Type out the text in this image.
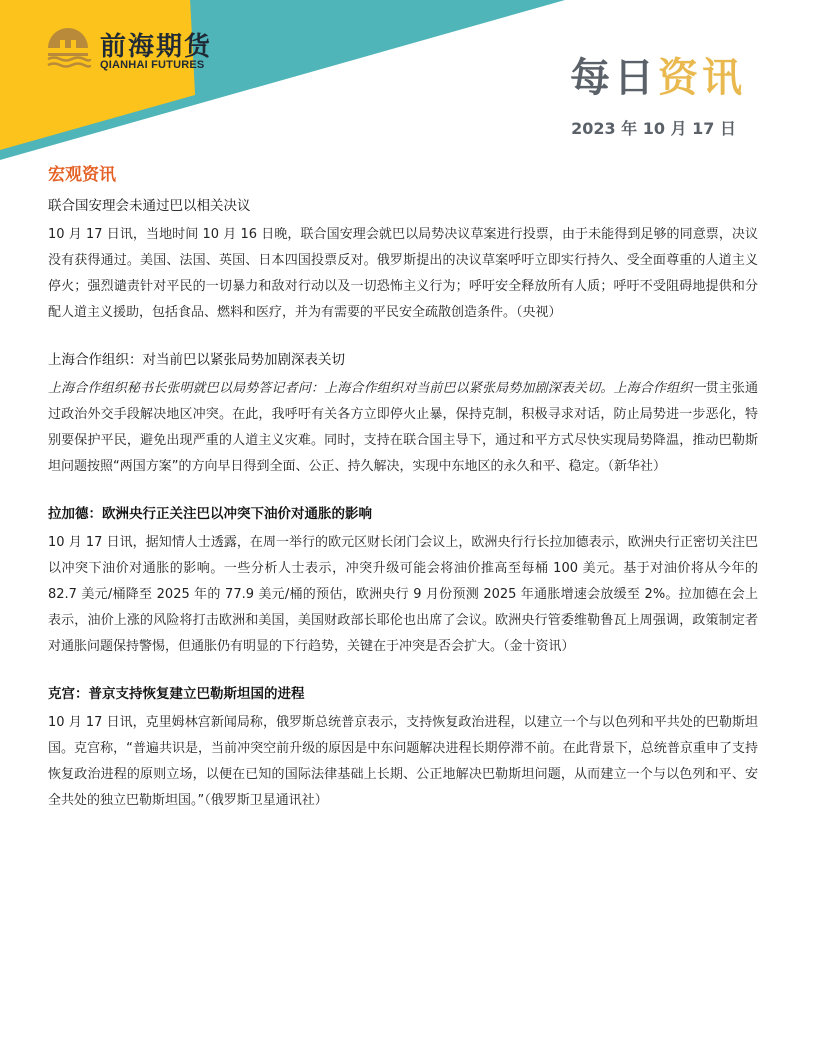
前海期货
QIANHAI FUTURES	每日资讯
2023 年 10 月 17 日
宏观资讯

联合国安理会未通过巴以相关决议

10 月 17 日讯，当地时间 10 月 16 日晚，联合国安理会就巴以局势决议草案进行投票，由于未能得到足够的同意票，决议没有获得通过。美国、法国、英国、日本四国投票反对。俄罗斯提出的决议草案呼吁立即实行持久、受全面尊重的人道主义停火；强烈谴责针对平民的一切暴力和敌对行动以及一切恐怖主义行为；呼吁安全释放所有人质；呼吁不受阻碍地提供和分配人道主义援助，包括食品、燃料和医疗，并为有需要的平民安全疏散创造条件。（央视）

上海合作组织：对当前巴以紧张局势加剧深表关切

上海合作组织秘书长张明就巴以局势答记者问：上海合作组织对当前巴以紧张局势加剧深表关切。上海合作组织一贯主张通过政治外交手段解决地区冲突。在此，我呼吁有关各方立即停火止暴，保持克制，积极寻求对话，防止局势进一步恶化，特别要保护平民，避免出现严重的人道主义灾难。同时，支持在联合国主导下，通过和平方式尽快实现局势降温，推动巴勒斯坦问题按照“两国方案”的方向早日得到全面、公正、持久解决，实现中东地区的永久和平、稳定。（新华社）

拉加德：欧洲央行正关注巴以冲突下油价对通胀的影响

10 月 17 日讯，据知情人士透露，在周一举行的欧元区财长闭门会议上，欧洲央行行长拉加德表示，欧洲央行正密切关注巴以冲突下油价对通胀的影响。一些分析人士表示，冲突升级可能会将油价推高至每桶 100 美元。基于对油价将从今年的 82.7 美元/桶降至 2025 年的 77.9 美元/桶的预估，欧洲央行 9 月份预测 2025 年通胀增速会放缓至 2%。拉加德在会上表示，油价上涨的风险将打击欧洲和美国，美国财政部长耶伦也出席了会议。欧洲央行管委维勒鲁瓦上周强调，政策制定者对通胀问题保持警惕，但通胀仍有明显的下行趋势，关键在于冲突是否会扩大。（金十资讯）

克宫：普京支持恢复建立巴勒斯坦国的进程

10 月 17 日讯，克里姆林宫新闻局称，俄罗斯总统普京表示，支持恢复政治进程，以建立一个与以色列和平共处的巴勒斯坦国。克宫称，“普遍共识是，当前冲突空前升级的原因是中东问题解决进程长期停滞不前。在此背景下，总统普京重申了支持恢复政治进程的原则立场，以便在已知的国际法律基础上长期、公正地解决巴勒斯坦问题，从而建立一个与以色列和平、安全共处的独立巴勒斯坦国。”（俄罗斯卫星通讯社）
